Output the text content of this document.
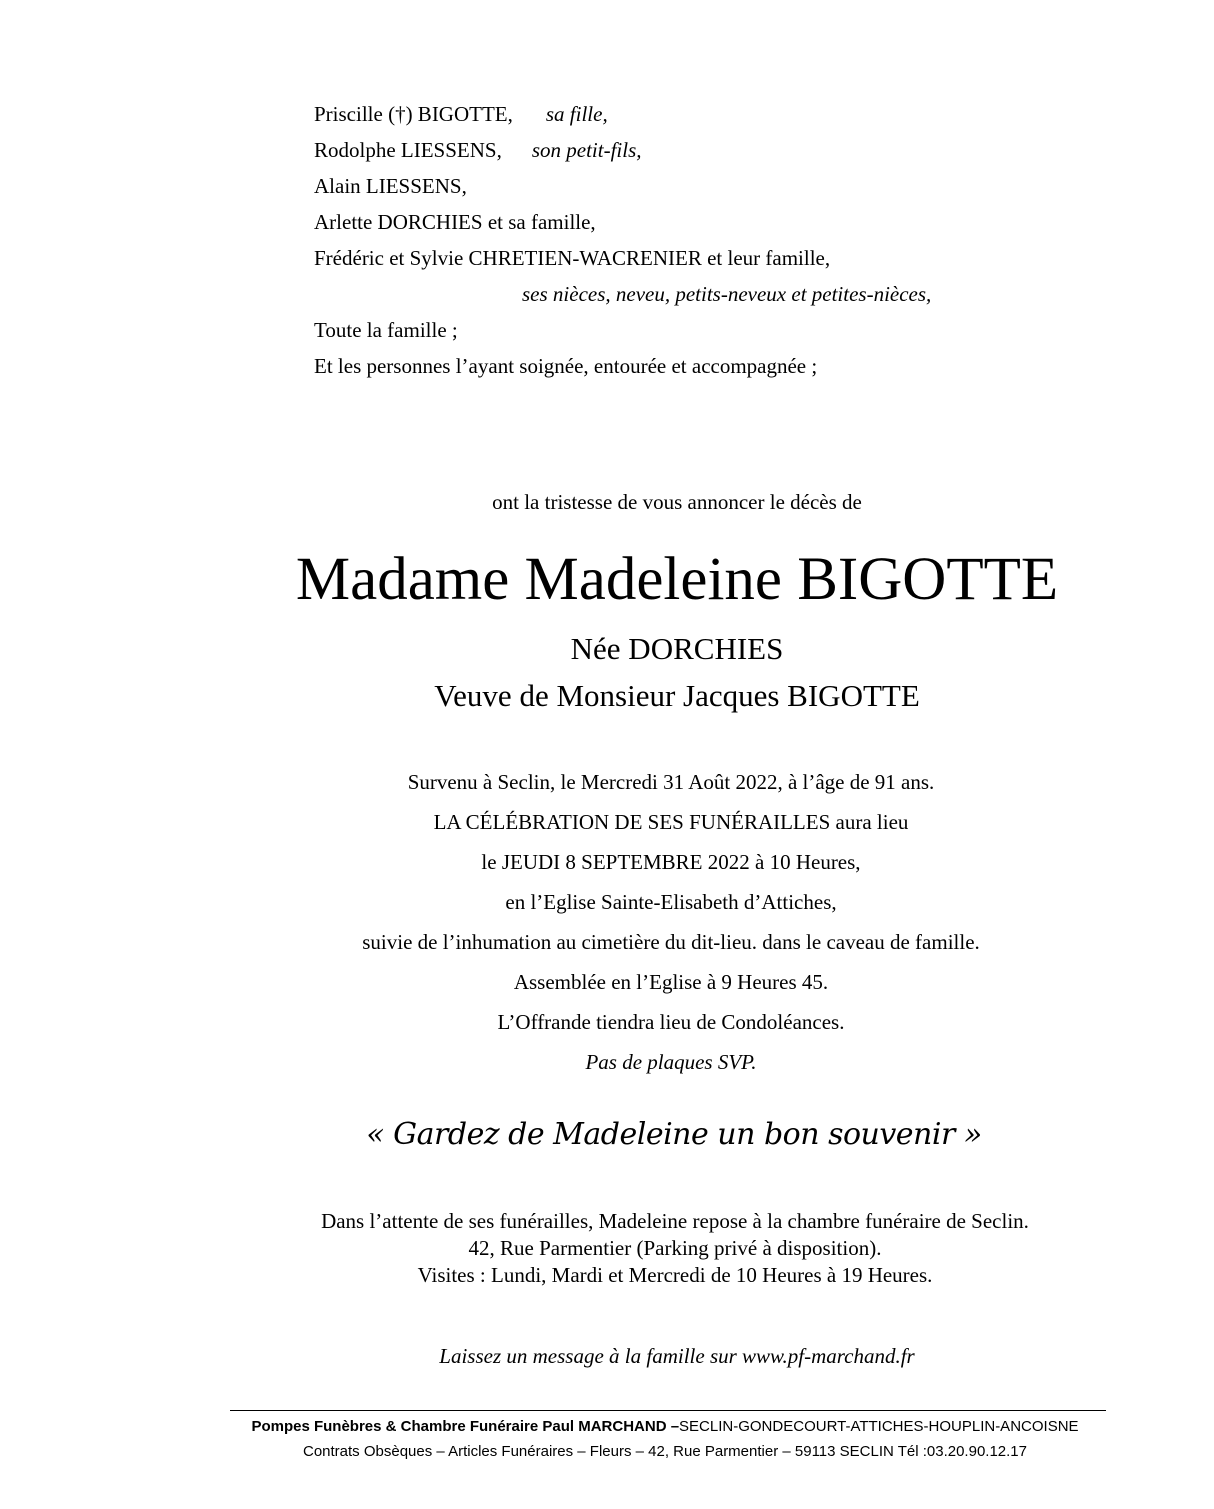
Priscille (†) BIGOTTE, sa fille,
Rodolphe LIESSENS, son petit-fils,
Alain LIESSENS,
Arlette DORCHIES et sa famille,
Frédéric et Sylvie CHRETIEN-WACRENIER et leur famille,
ses nièces, neveu, petits-neveux et petites-nièces,
Toute la famille ;
Et les personnes l’ayant soignée, entourée et accompagnée ;
ont la tristesse de vous annoncer le décès de
Madame Madeleine BIGOTTE
Née DORCHIES
Veuve de Monsieur Jacques BIGOTTE
Survenu à Seclin, le Mercredi 31 Août 2022, à l’âge de 91 ans.
LA CÉLÉBRATION DE SES FUNÉRAILLES aura lieu
le JEUDI 8 SEPTEMBRE 2022 à 10 Heures,
en l’Eglise Sainte-Elisabeth d’Attiches,
suivie de l’inhumation au cimetière du dit-lieu. dans le caveau de famille.
Assemblée en l’Eglise à 9 Heures 45.
L’Offrande tiendra lieu de Condoléances.
Pas de plaques SVP.
« Gardez de Madeleine un bon souvenir »
Dans l’attente de ses funérailles, Madeleine repose à la chambre funéraire de Seclin.
42, Rue Parmentier (Parking privé à disposition).
Visites : Lundi, Mardi et Mercredi de 10 Heures à 19 Heures.
Laissez un message à la famille sur www.pf-marchand.fr
Pompes Funèbres & Chambre Funéraire Paul MARCHAND –SECLIN-GONDECOURT-ATTICHES-HOUPLIN-ANCOISNE
Contrats Obsèques – Articles Funéraires – Fleurs – 42, Rue Parmentier – 59113 SECLIN Tél :03.20.90.12.17
